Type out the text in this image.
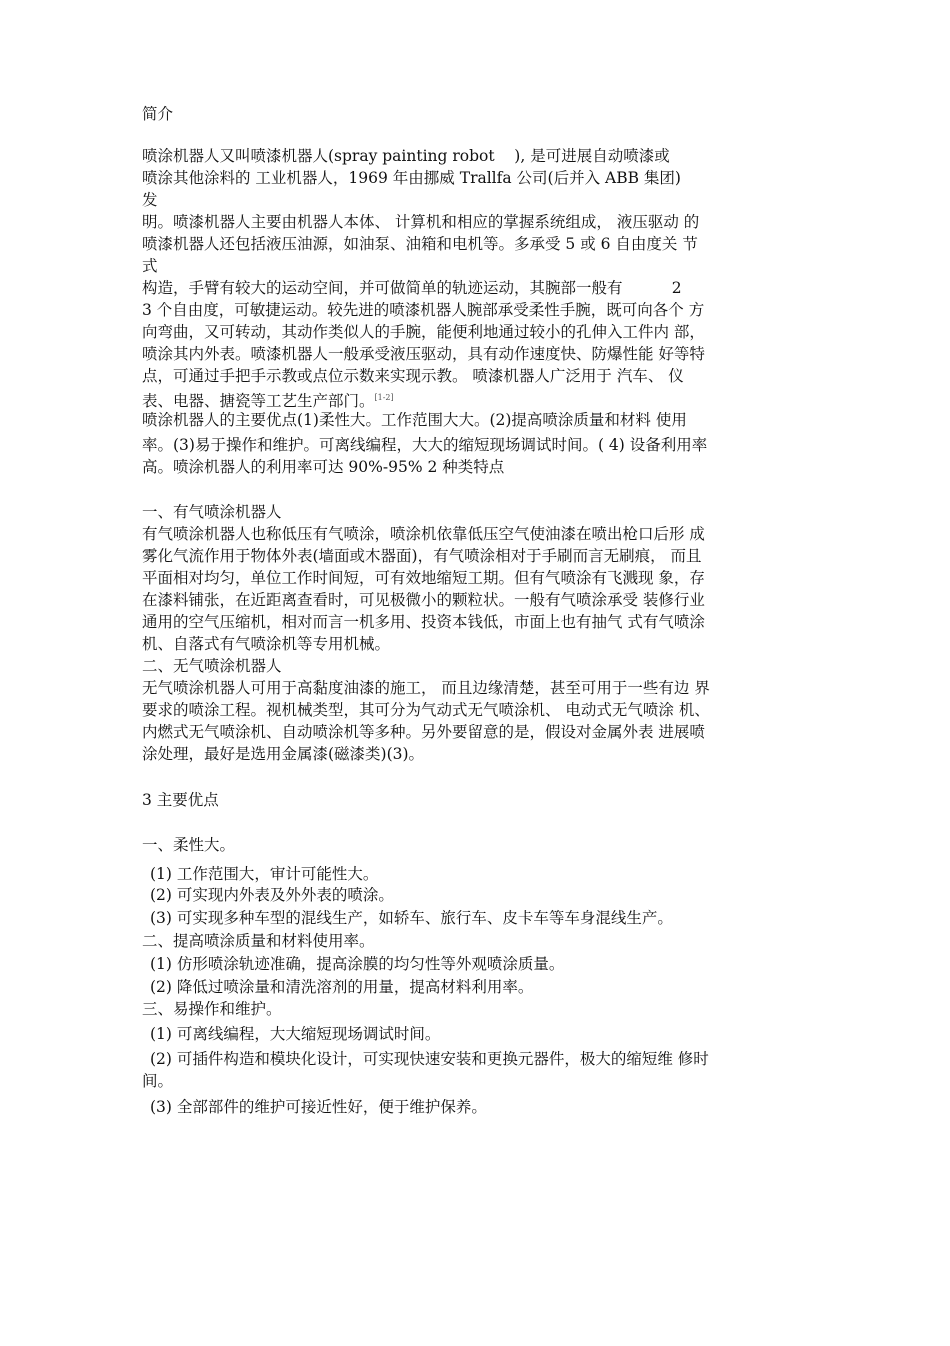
简介
喷涂机器人又叫喷漆机器人(spray painting robot    ), 是可进展自动喷漆或
喷涂其他涂料的 工业机器人，1969 年由挪威 Trallfa 公司(后并入 ABB 集团)
发
明。喷漆机器人主要由机器人本体、 计算机和相应的掌握系统组成， 液压驱动 的
喷漆机器人还包括液压油源，如油泵、油箱和电机等。多承受 5 或 6 自由度关 节
式
构造，手臂有较大的运动空间，并可做简单的轨迹运动，其腕部一般有          2
3 个自由度，可敏捷运动。较先进的喷漆机器人腕部承受柔性手腕，既可向各个 方
向弯曲，又可转动，其动作类似人的手腕，能便利地通过较小的孔伸入工件内 部，
喷涂其内外表。喷漆机器人一般承受液压驱动，具有动作速度快、防爆性能 好等特
点，可通过手把手示教或点位示数来实现示教。 喷漆机器人广泛用于 汽车、 仪
表、电器、搪瓷等工艺生产部门。[1-2]
喷涂机器人的主要优点(1)柔性大。工作范围大大。(2)提高喷涂质量和材料 使用
率。(3)易于操作和维护。可离线编程，大大的缩短现场调试时间。( 4) 设备利用率
高。喷涂机器人的利用率可达 90%-95% 2 种类特点
一、有气喷涂机器人
有气喷涂机器人也称低压有气喷涂，喷涂机依靠低压空气使油漆在喷出枪口后形 成
雾化气流作用于物体外表(墙面或木器面)，有气喷涂相对于手刷而言无刷痕， 而且
平面相对均匀，单位工作时间短，可有效地缩短工期。但有气喷涂有飞溅现 象，存
在漆料铺张，在近距离查看时，可见极微小的颗粒状。一般有气喷涂承受 装修行业
通用的空气压缩机，相对而言一机多用、投资本钱低，市面上也有抽气 式有气喷涂
机、自落式有气喷涂机等专用机械。
二、无气喷涂机器人
无气喷涂机器人可用于高黏度油漆的施工， 而且边缘清楚，甚至可用于一些有边 界
要求的喷涂工程。视机械类型，其可分为气动式无气喷涂机、 电动式无气喷涂 机、
内燃式无气喷涂机、自动喷涂机等多种。另外要留意的是，假设对金属外表 进展喷
涂处理，最好是选用金属漆(磁漆类)(3)。
3 主要优点
一、柔性大。
(1) 工作范围大，审计可能性大。
(2) 可实现内外表及外外表的喷涂。
(3) 可实现多种车型的混线生产，如轿车、旅行车、皮卡车等车身混线生产。
二、提高喷涂质量和材料使用率。
(1) 仿形喷涂轨迹准确，提高涂膜的均匀性等外观喷涂质量。
(2) 降低过喷涂量和清洗溶剂的用量，提高材料利用率。
三、易操作和维护。
(1) 可离线编程，大大缩短现场调试时间。
(2) 可插件构造和模块化设计，可实现快速安装和更换元器件，极大的缩短维 修时
间。
(3) 全部部件的维护可接近性好，便于维护保养。
